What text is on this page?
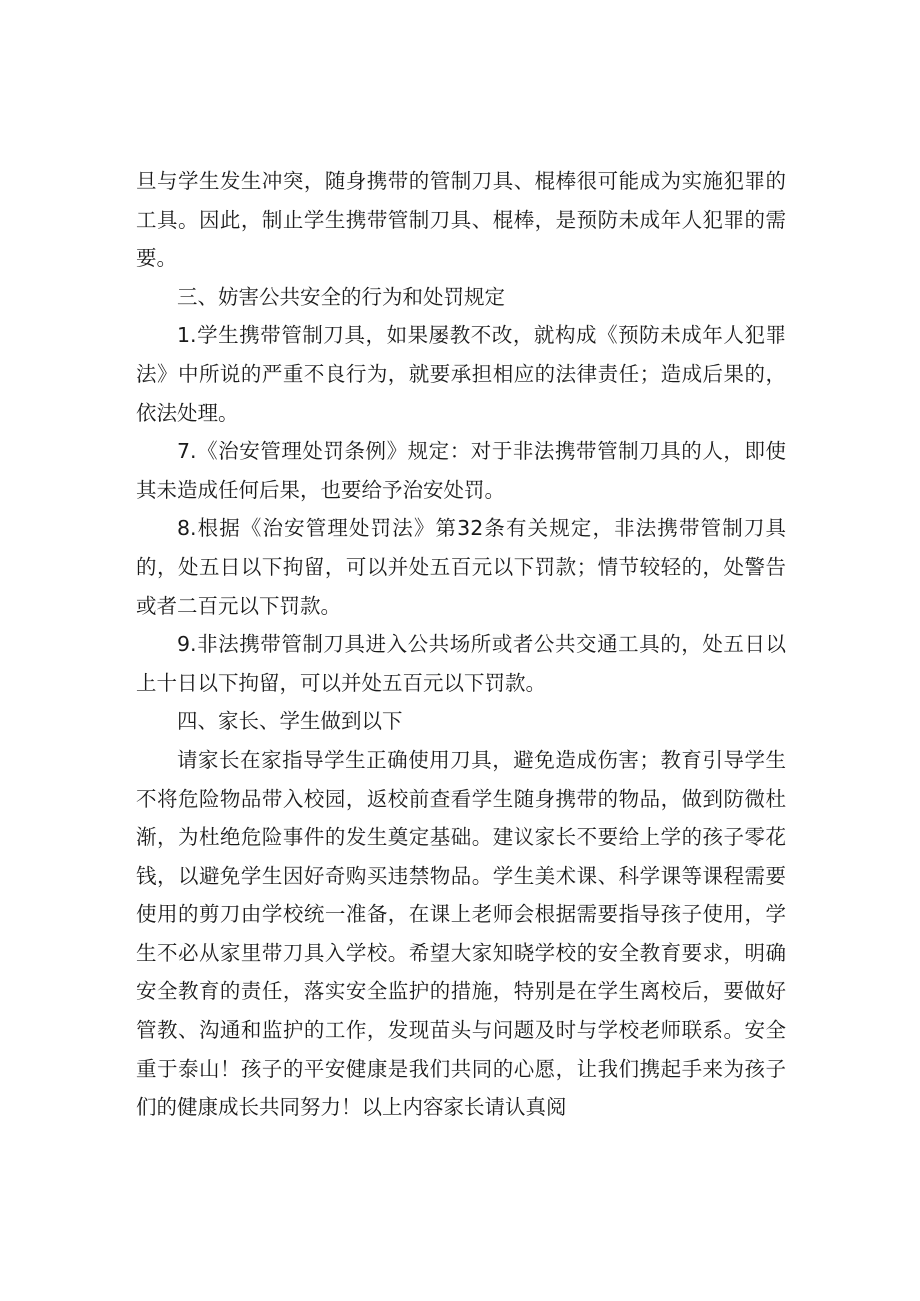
旦与学生发生冲突，随身携带的管制刀具、棍棒很可能成为实施犯罪的工具。因此，制止学生携带管制刀具、棍棒，是预防未成年人犯罪的需要。

三、妨害公共安全的行为和处罚规定

1.学生携带管制刀具，如果屡教不改，就构成《预防未成年人犯罪法》中所说的严重不良行为，就要承担相应的法律责任；造成后果的，依法处理。

7.《治安管理处罚条例》规定：对于非法携带管制刀具的人，即使其未造成任何后果，也要给予治安处罚。

8.根据《治安管理处罚法》第32条有关规定，非法携带管制刀具的，处五日以下拘留，可以并处五百元以下罚款；情节较轻的，处警告或者二百元以下罚款。

9.非法携带管制刀具进入公共场所或者公共交通工具的，处五日以上十日以下拘留，可以并处五百元以下罚款。

四、家长、学生做到以下

请家长在家指导学生正确使用刀具，避免造成伤害；教育引导学生不将危险物品带入校园，返校前查看学生随身携带的物品，做到防微杜渐，为杜绝危险事件的发生奠定基础。建议家长不要给上学的孩子零花钱，以避免学生因好奇购买违禁物品。学生美术课、科学课等课程需要使用的剪刀由学校统一准备，在课上老师会根据需要指导孩子使用，学生不必从家里带刀具入学校。希望大家知晓学校的安全教育要求，明确安全教育的责任，落实安全监护的措施，特别是在学生离校后，要做好管教、沟通和监护的工作，发现苗头与问题及时与学校老师联系。安全重于泰山！孩子的平安健康是我们共同的心愿，让我们携起手来为孩子们的健康成长共同努力！以上内容家长请认真阅
